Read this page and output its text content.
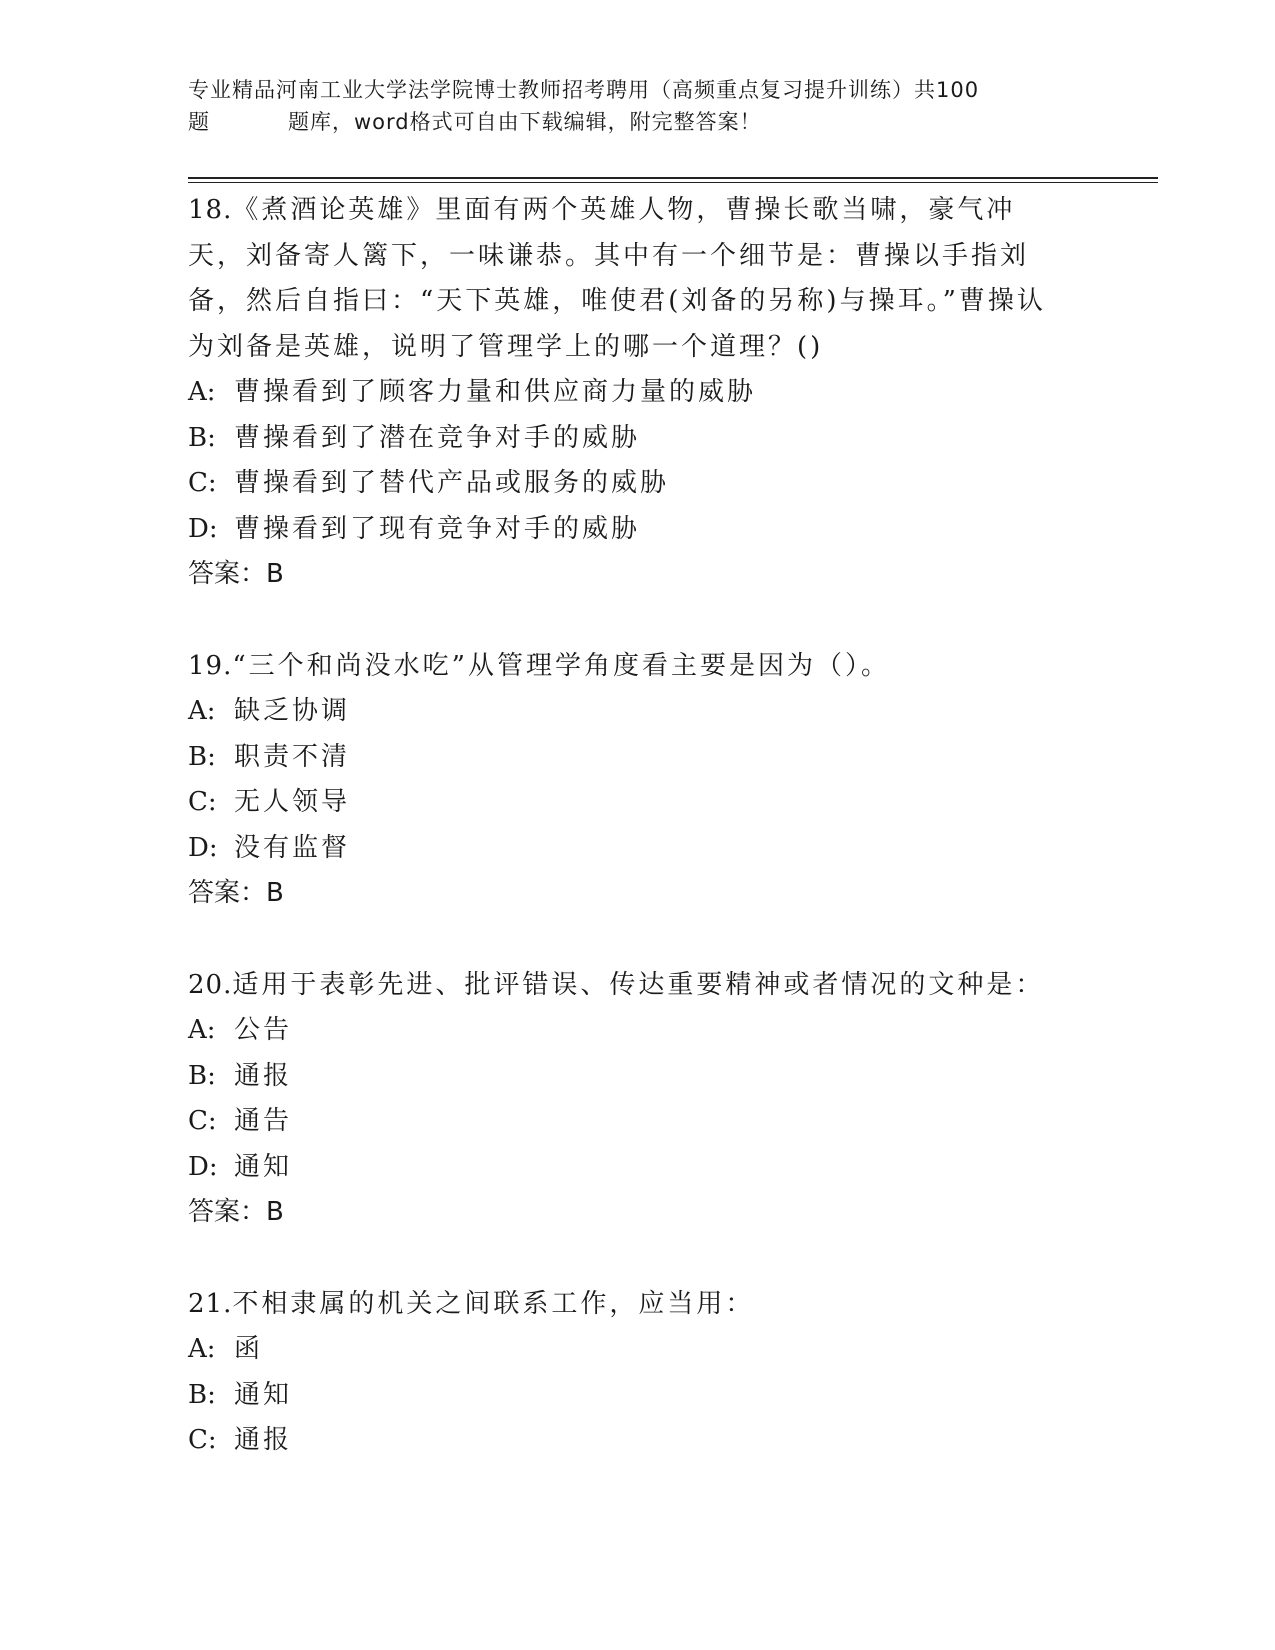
专业精品河南工业大学法学院博士教师招考聘用（高频重点复习提升训练）共100
题	题库，word格式可自由下载编辑，附完整答案！

18.《煮酒论英雄》里面有两个英雄人物，曹操长歌当啸，豪气冲天，刘备寄人篱下，一味谦恭。其中有一个细节是：曹操以手指刘备，然后自指曰：“天下英雄，唯使君(刘备的另称)与操耳。”曹操认为刘备是英雄，说明了管理学上的哪一个道理？()

A: 曹操看到了顾客力量和供应商力量的威胁

B: 曹操看到了潜在竞争对手的威胁

C: 曹操看到了替代产品或服务的威胁

D: 曹操看到了现有竞争对手的威胁

答案：B

19.“三个和尚没水吃”从管理学角度看主要是因为（）。

A: 缺乏协调

B: 职责不清

C: 无人领导

D: 没有监督

答案：B

20.适用于表彰先进、批评错误、传达重要精神或者情况的文种是：

A: 公告

B: 通报

C: 通告

D: 通知

答案：B

21.不相隶属的机关之间联系工作，应当用：

A: 函

B: 通知

C: 通报
